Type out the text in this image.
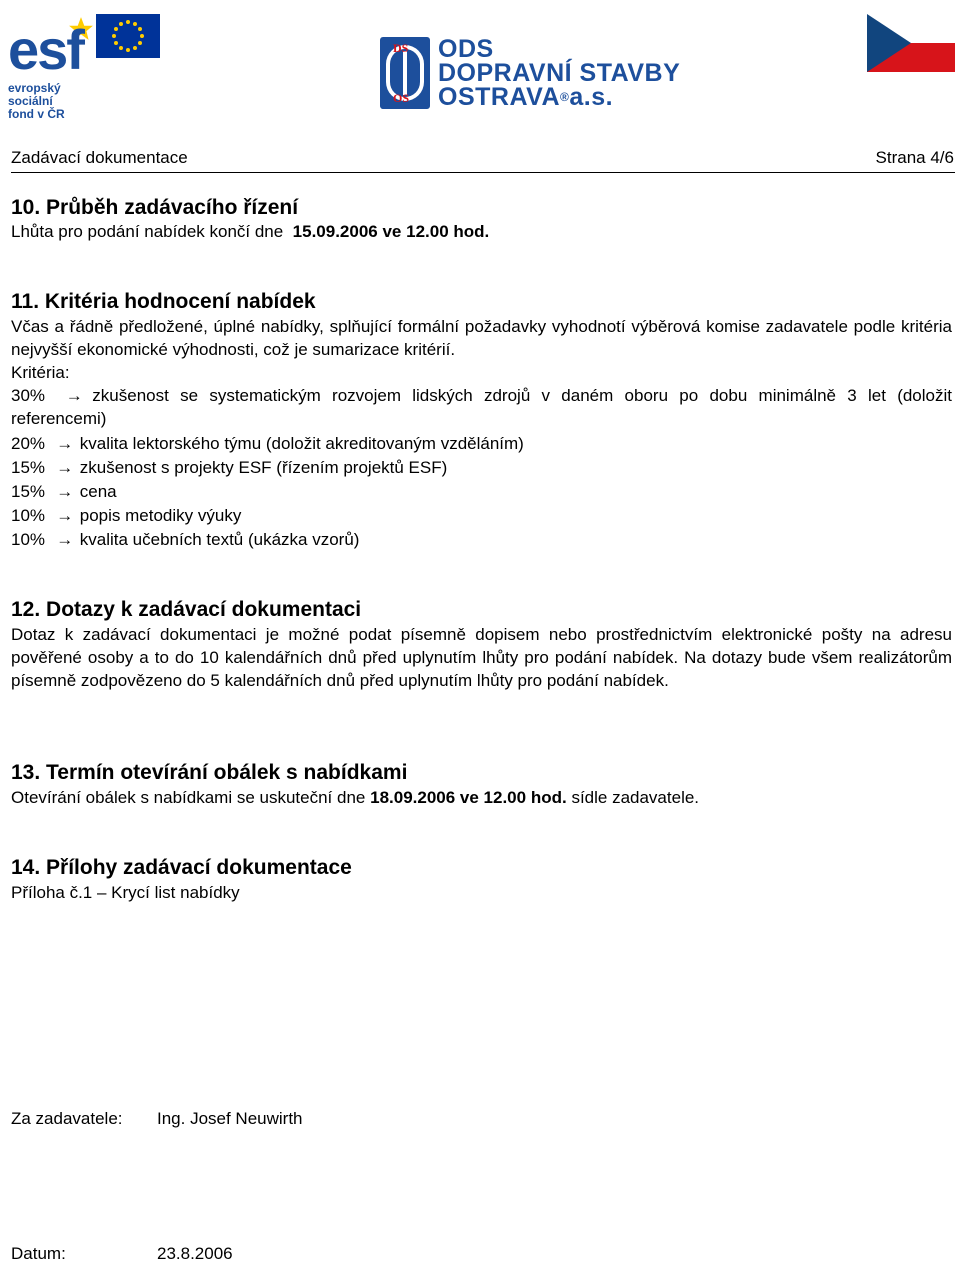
esf
evropský
sociální
fond v ČR
DS
OS
ODS
DOPRAVNÍ STAVBY
OSTRAVA®a.s.
Zadávací dokumentace	Strana 4/6
10. Průběh zadávacího řízení
Lhůta pro podání nabídek končí dne 15.09.2006 ve 12.00 hod.
11. Kritéria hodnocení nabídek
Včas a řádně předložené, úplné nabídky, splňující formální požadavky vyhodnotí výběrová komise zadavatele podle kritéria nejvyšší ekonomické výhodnosti, což je sumarizace kritérií.
Kritéria:
30% → zkušenost se systematickým rozvojem lidských zdrojů v daném oboru po dobu minimálně 3 let (doložit referencemi)
20% → kvalita lektorského týmu (doložit akreditovaným vzděláním)
15% → zkušenost s projekty ESF (řízením projektů ESF)
15% → cena
10% → popis metodiky výuky
10% → kvalita učebních textů (ukázka vzorů)
12. Dotazy k zadávací dokumentaci
Dotaz k zadávací dokumentaci je možné podat písemně dopisem nebo prostřednictvím elektronické pošty na adresu pověřené osoby a to do 10 kalendářních dnů před uplynutím lhůty pro podání nabídek. Na dotazy bude všem realizátorům písemně zodpovězeno do 5 kalendářních dnů před uplynutím lhůty pro podání nabídek.
13. Termín otevírání obálek s nabídkami
Otevírání obálek s nabídkami se uskuteční dne 18.09.2006 ve 12.00 hod. sídle zadavatele.
14. Přílohy zadávací dokumentace
Příloha č.1 – Krycí list nabídky
Za zadavatele: Ing. Josef Neuwirth
Datum:	23.8.2006
